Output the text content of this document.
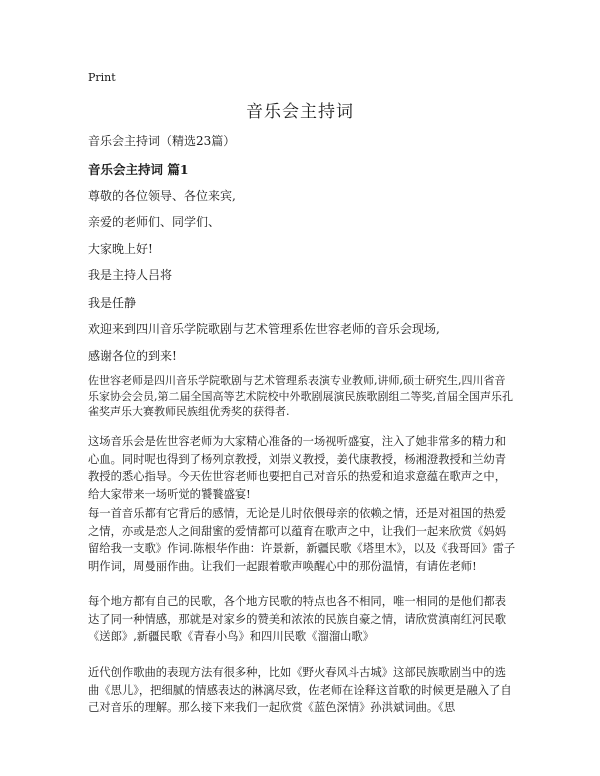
Print
音乐会主持词
音乐会主持词（精选23篇）
音乐会主持词 篇1
尊敬的各位领导、各位来宾,
亲爱的老师们、同学们、
大家晚上好!
我是主持人吕将
我是任静
欢迎来到四川音乐学院歌剧与艺术管理系佐世容老师的音乐会现场,
感谢各位的到来!
佐世容老师是四川音乐学院歌剧与艺术管理系表演专业教师,讲师,硕士研究生,四川省音乐家协会会员,第二届全国高等艺术院校中外歌剧展演民族歌剧组二等奖,首届全国声乐孔雀奖声乐大赛教师民族组优秀奖的获得者.
这场音乐会是佐世容老师为大家精心准备的一场视听盛宴，注入了她非常多的精力和心血。同时呢也得到了杨列京教授，刘崇义教授，姜代康教授，杨湘澄教授和兰幼青教授的悉心指导。今天佐世容老师也要把自己对音乐的热爱和追求意蕴在歌声之中，给大家带来一场听觉的饕餮盛宴!
每一首音乐都有它背后的感情，无论是儿时依偎母亲的依赖之情，还是对祖国的热爱之情，亦或是恋人之间甜蜜的爱情都可以蕴育在歌声之中，让我们一起来欣赏《妈妈留给我一支歌》作词.陈根华作曲：许景新，新疆民歌《塔里木》，以及《我哥回》雷子明作词，周曼丽作曲。让我们一起跟着歌声唤醒心中的那份温情，有请佐老师!
每个地方都有自己的民歌，各个地方民歌的特点也各不相同，唯一相同的是他们都表达了同一种情感，那就是对家乡的赞美和浓浓的民族自豪之情，请欣赏滇南红河民歌《送郎》,新疆民歌《青春小鸟》和四川民歌《溜溜山歌》
近代创作歌曲的表现方法有很多种，比如《野火春风斗古城》这部民族歌剧当中的选曲《思儿》，把细腻的情感表达的淋漓尽致，佐老师在诠释这首歌的时候更是融入了自己对音乐的理解。那么接下来我们一起欣赏《蓝色深情》孙洪斌词曲。《思
